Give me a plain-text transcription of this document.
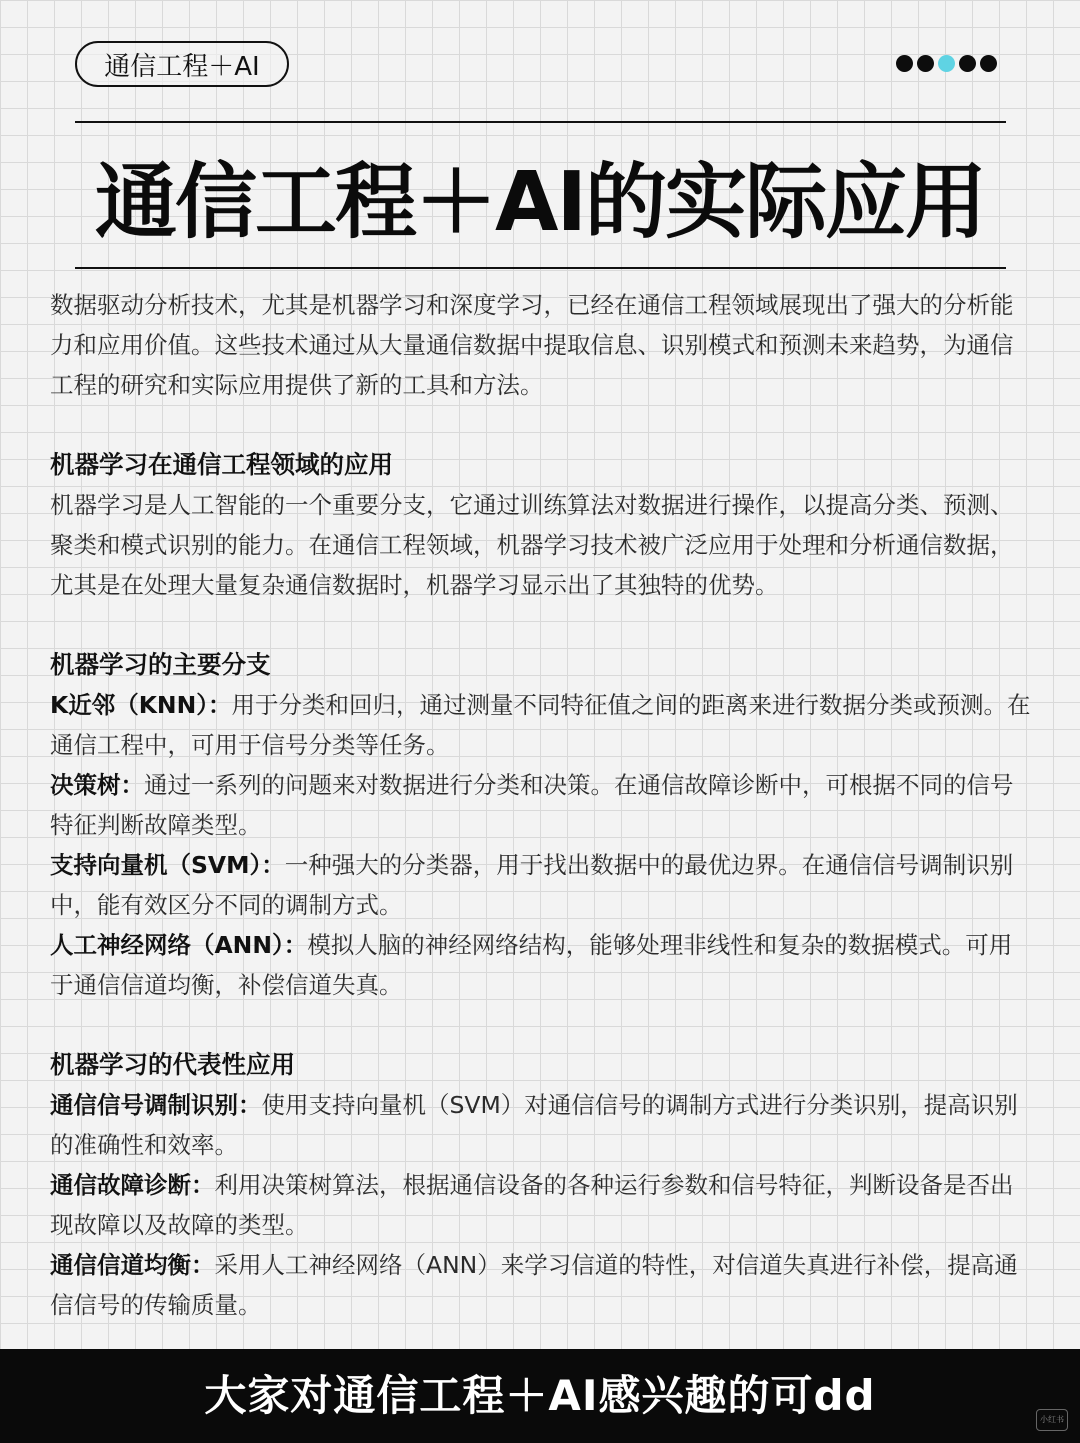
通信工程＋AI
通信工程＋AI的实际应用

数据驱动分析技术，尤其是机器学习和深度学习，已经在通信工程领域展现出了强大的分析能力和应用价值。这些技术通过从大量通信数据中提取信息、识别模式和预测未来趋势，为通信工程的研究和实际应用提供了新的工具和方法。

机器学习在通信工程领域的应用

机器学习是人工智能的一个重要分支，它通过训练算法对数据进行操作，以提高分类、预测、聚类和模式识别的能力。在通信工程领域，机器学习技术被广泛应用于处理和分析通信数据，尤其是在处理大量复杂通信数据时，机器学习显示出了其独特的优势。

机器学习的主要分支

K近邻（KNN）：用于分类和回归，通过测量不同特征值之间的距离来进行数据分类或预测。在通信工程中，可用于信号分类等任务。

决策树：通过一系列的问题来对数据进行分类和决策。在通信故障诊断中，可根据不同的信号特征判断故障类型。

支持向量机（SVM）：一种强大的分类器，用于找出数据中的最优边界。在通信信号调制识别中，能有效区分不同的调制方式。

人工神经网络（ANN）：模拟人脑的神经网络结构，能够处理非线性和复杂的数据模式。可用于通信信道均衡，补偿信道失真。

机器学习的代表性应用

通信信号调制识别：使用支持向量机（SVM）对通信信号的调制方式进行分类识别，提高识别的准确性和效率。

通信故障诊断：利用决策树算法，根据通信设备的各种运行参数和信号特征，判断设备是否出现故障以及故障的类型。

通信信道均衡：采用人工神经网络（ANN）来学习信道的特性，对信道失真进行补偿，提高通信信号的传输质量。

大家对通信工程＋AI感兴趣的可dd	小红书
